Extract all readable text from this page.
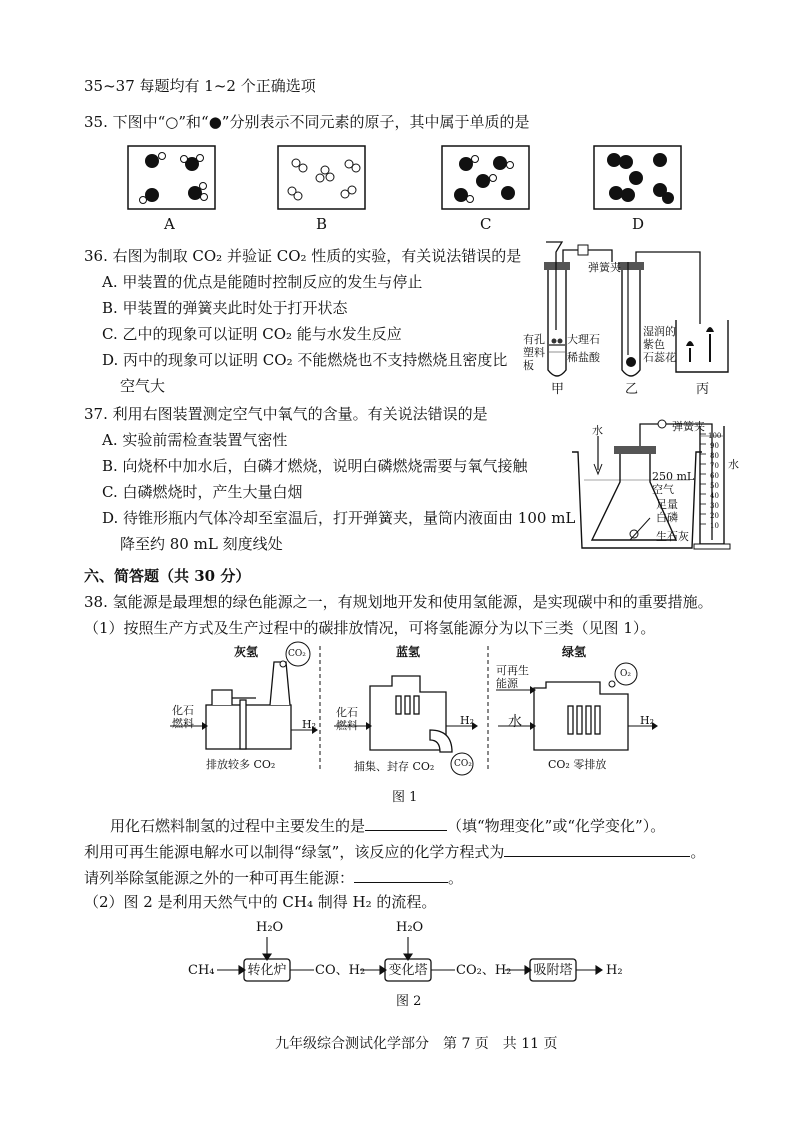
35~37 每题均有 1~2 个正确选项
35. 下图中“○”和“●”分别表示不同元素的原子，其中属于单质的是
A	B	C	D
36. 右图为制取 CO₂ 并验证 CO₂ 性质的实验，有关说法错误的是
A. 甲装置的优点是能随时控制反应的发生与停止
B. 甲装置的弹簧夹此时处于打开状态
C. 乙中的现象可以证明 CO₂ 能与水发生反应
D. 丙中的现象可以证明 CO₂ 不能燃烧也不支持燃烧且密度比
空气大
弹簧夹
有孔 塑料板
大理石
稀盐酸
湿润的
紫色
石蕊花
甲	乙	丙
37. 利用右图装置测定空气中氧气的含量。有关说法错误的是
A. 实验前需检查装置气密性
B. 向烧杯中加水后，白磷才燃烧，说明白磷燃烧需要与氧气接触
C. 白磷燃烧时，产生大量白烟
D. 待锥形瓶内气体冷却至室温后，打开弹簧夹，量筒内液面由 100 mL
降至约 80 mL 刻度线处
水	弹簧夹
水
250 mL
空气
足量
白磷
生石灰
100
90
80
70
60
50
40
30
20
10
六、简答题（共 30 分）
38. 氢能源是最理想的绿色能源之一，有规划地开发和使用氢能源，是实现碳中和的重要措施。
（1）按照生产方式及生产过程中的碳排放情况，可将氢能源分为以下三类（见图 1）。
灰氢	CO₂
化石
燃料	H₂
排放较多 CO₂
蓝氢
化石
燃料	H₂
CO₂
捕集、封存 CO₂
绿氢
可再生
能源
O₂
水	H₂
CO₂ 零排放
图 1
用化石燃料制氢的过程中主要发生的是	（填“物理变化”或“化学变化”）。
利用可再生能源电解水可以制得“绿氢”，该反应的化学方程式为	。
请列举除氢能源之外的一种可再生能源：	。
（2）图 2 是利用天然气中的 CH₄ 制得 H₂ 的流程。
CH₄
H₂O	H₂O
转化炉	变化塔	吸附塔
CO、H₂	CO₂、H₂	H₂
图 2
九年级综合测试化学部分　第 7 页　共 11 页
